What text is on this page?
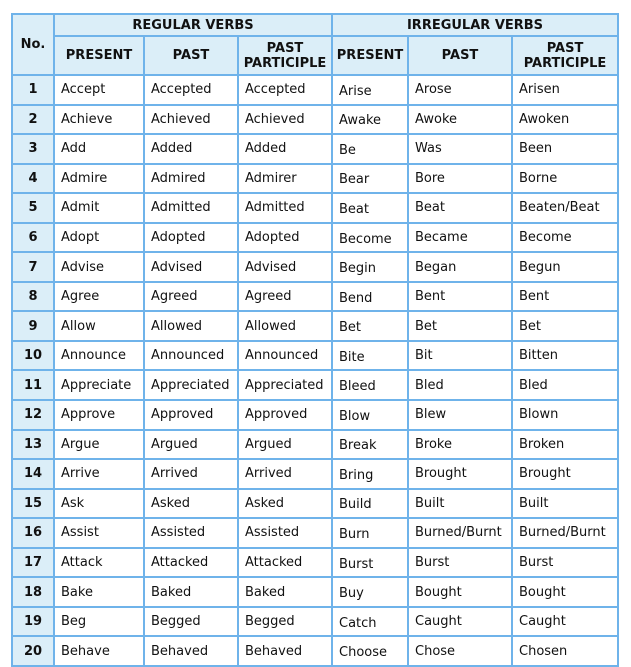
No.	REGULAR VERBS			IRREGULAR VERBS		
	PRESENT	PAST	PAST
PARTICIPLE	PRESENT	PAST	PAST
PARTICIPLE
1	Accept	Accepted	Accepted	Arise	Arose	Arisen
2	Achieve	Achieved	Achieved	Awake	Awoke	Awoken
3	Add	Added	Added	Be	Was	Been
4	Admire	Admired	Admirer	Bear	Bore	Borne
5	Admit	Admitted	Admitted	Beat	Beat	Beaten/Beat
6	Adopt	Adopted	Adopted	Become	Became	Become
7	Advise	Advised	Advised	Begin	Began	Begun
8	Agree	Agreed	Agreed	Bend	Bent	Bent
9	Allow	Allowed	Allowed	Bet	Bet	Bet
10	Announce	Announced	Announced	Bite	Bit	Bitten
11	Appreciate	Appreciated	Appreciated	Bleed	Bled	Bled
12	Approve	Approved	Approved	Blow	Blew	Blown
13	Argue	Argued	Argued	Break	Broke	Broken
14	Arrive	Arrived	Arrived	Bring	Brought	Brought
15	Ask	Asked	Asked	Build	Built	Built
16	Assist	Assisted	Assisted	Burn	Burned/Burnt	Burned/Burnt
17	Attack	Attacked	Attacked	Burst	Burst	Burst
18	Bake	Baked	Baked	Buy	Bought	Bought
19	Beg	Begged	Begged	Catch	Caught	Caught
20	Behave	Behaved	Behaved	Choose	Chose	Chosen
